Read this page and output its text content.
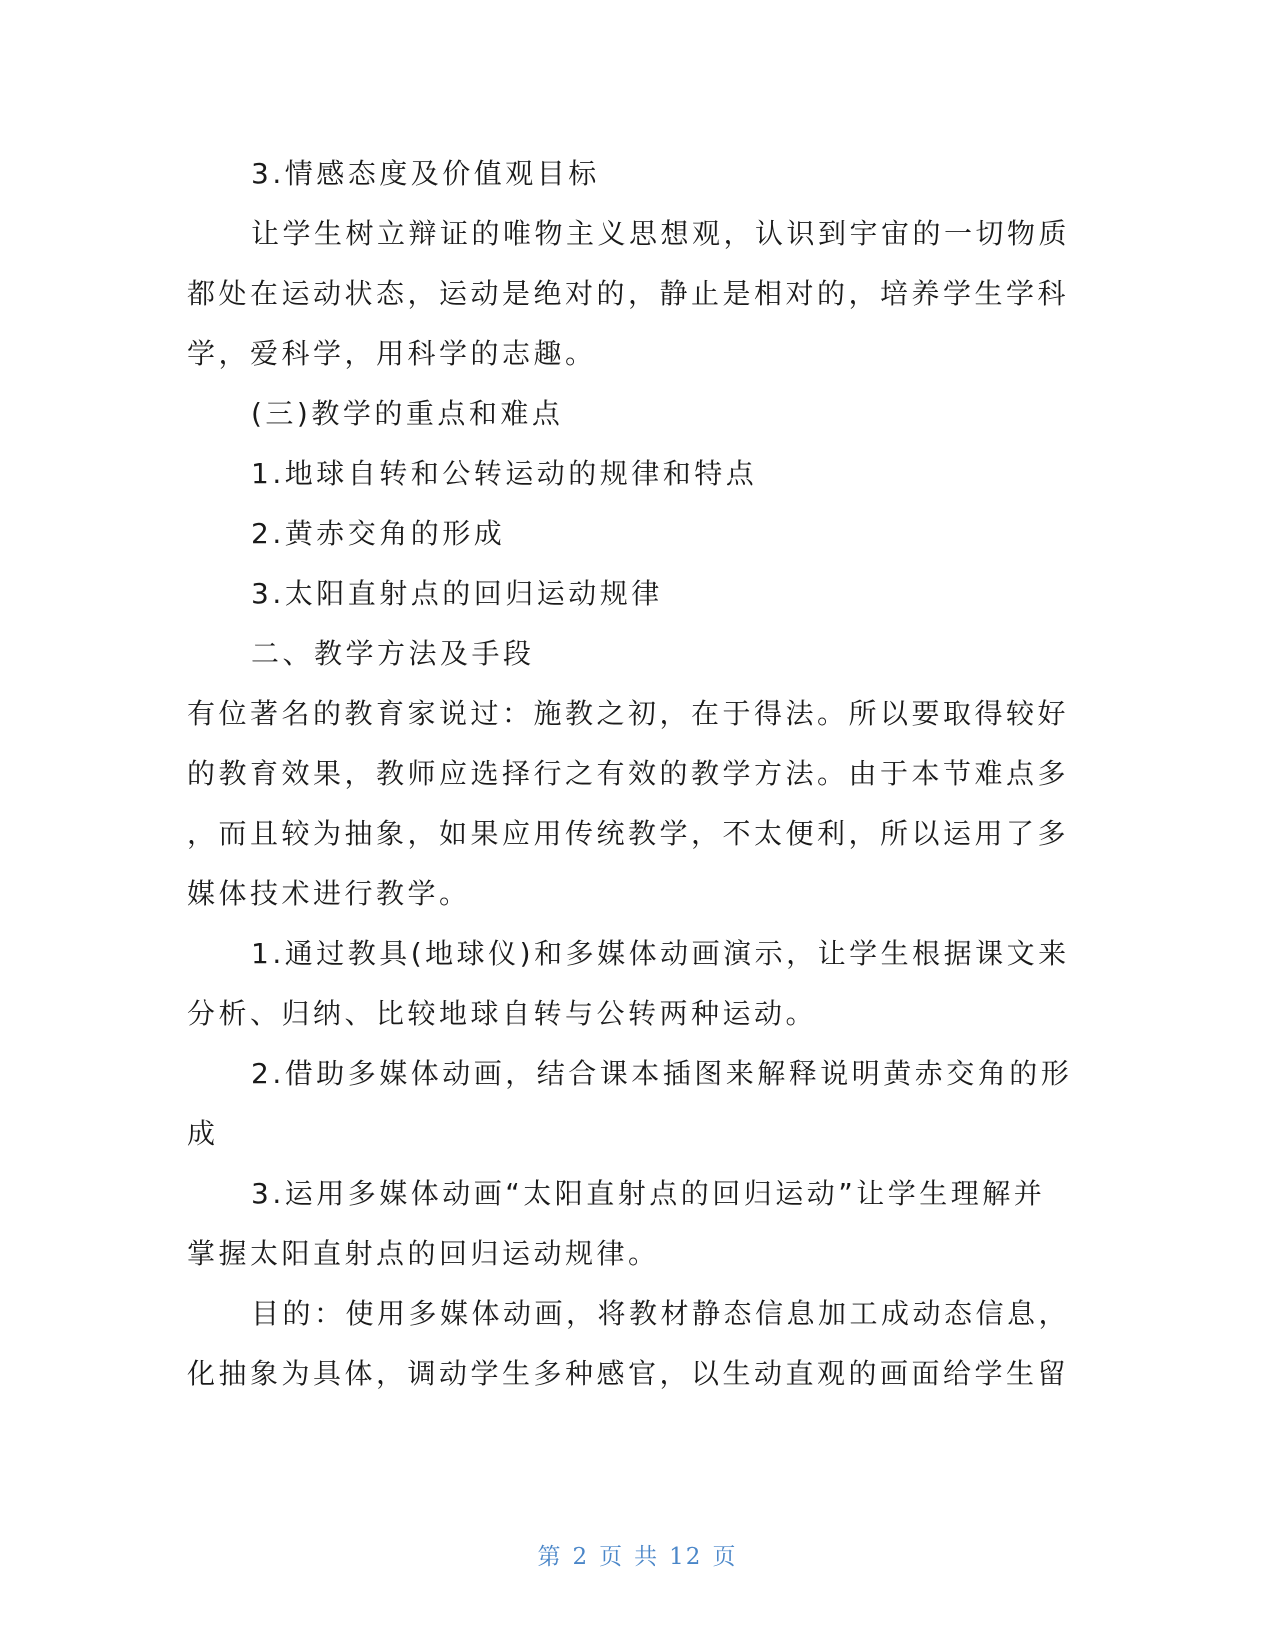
3.情感态度及价值观目标
让学生树立辩证的唯物主义思想观，认识到宇宙的一切物质
都处在运动状态，运动是绝对的，静止是相对的，培养学生学科
学，爱科学，用科学的志趣。
(三)教学的重点和难点
1.地球自转和公转运动的规律和特点
2.黄赤交角的形成
3.太阳直射点的回归运动规律
二、教学方法及手段
有位著名的教育家说过：施教之初，在于得法。所以要取得较好
的教育效果，教师应选择行之有效的教学方法。由于本节难点多
，而且较为抽象，如果应用传统教学，不太便利，所以运用了多
媒体技术进行教学。
1.通过教具(地球仪)和多媒体动画演示，让学生根据课文来
分析、归纳、比较地球自转与公转两种运动。
2.借助多媒体动画，结合课本插图来解释说明黄赤交角的形
成
3.运用多媒体动画“太阳直射点的回归运动”让学生理解并
掌握太阳直射点的回归运动规律。
目的：使用多媒体动画，将教材静态信息加工成动态信息，
化抽象为具体，调动学生多种感官，以生动直观的画面给学生留
第 2 页 共 12 页
